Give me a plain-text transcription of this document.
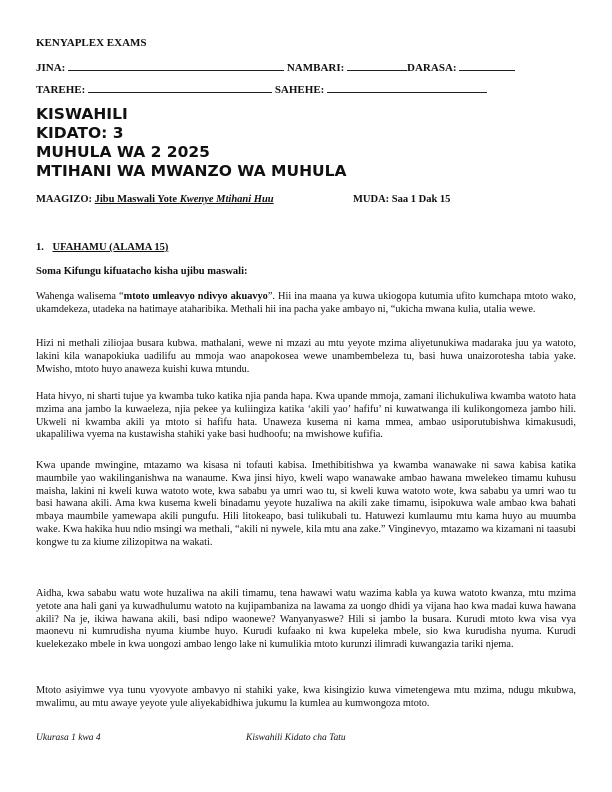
KENYAPLEX EXAMS
JINA:	NAMBARI:	DARASA:
TAREHE:	SAHEHE:
KISWAHILI
KIDATO: 3
MUHULA WA 2 2025
MTIHANI WA MWANZO WA MUHULA
MAAGIZO: Jibu Maswali Yote Kwenye Mtihani Huu	MUDA: Saa 1 Dak 15
1. UFAHAMU (ALAMA 15)
Soma Kifungu kifuatacho kisha ujibu maswali:
Wahenga walisema “mtoto umleavyo ndivyo akuavyo”. Hii ina maana ya kuwa ukiogopa kutumia ufito kumchapa mtoto wako, ukamdekeza, utadeka na hatimaye ataharibika. Methali hii ina pacha yake ambayo ni, “ukicha mwana kulia, utalia wewe.
Hizi ni methali ziliojaa busara kubwa. mathalani, wewe ni mzazi au mtu yeyote mzima aliyetunukiwa madaraka juu ya watoto, lakini kila wanapokiuka uadilifu au mmoja wao anapokosea wewe unambembeleza tu, basi huwa unaizorotesha tabia yake. Mwisho, mtoto huyo anaweza kuishi kuwa mtundu.
Hata hivyo, ni sharti tujue ya kwamba tuko katika njia panda hapa. Kwa upande mmoja, zamani ilichukuliwa kwamba watoto hata mzima ana jambo la kuwaeleza, njia pekee ya kuliingiza katika ‘akili yao’ hafifu’ ni kuwatwanga ili kulikongomeza jambo hili. Ukweli ni kwamba akili ya mtoto si hafifu hata. Unaweza kusema ni kama mmea, ambao usiporutubishwa kimakusudi, ukapaliliwa vyema na kustawisha stahiki yake basi hudhoofu; na mwishowe kufifia.
Kwa upande mwingine, mtazamo wa kisasa ni tofauti kabisa. Imethibitishwa ya kwamba wanawake ni sawa kabisa katika maumbile yao wakilinganishwa na wanaume. Kwa jinsi hiyo, kweli wapo wanawake ambao hawana mwelekeo timamu kuhusu maisha, lakini ni kweli kuwa watoto wote, kwa sababu ya umri wao tu, si kweli kuwa watoto wote, kwa sababu ya umri wao tu basi hawana akili. Ama kwa kusema kweli binadamu yeyote huzaliwa na akili zake timamu, isipokuwa wale ambao kwa bahati mbaya maumbile yamewapa akili pungufu. Hili litokeapo, basi tulikubali tu. Hatuwezi kumlaumu mtu kama huyo au muumba wake. Kwa hakika huu ndio msingi wa methali, “akili ni nywele, kila mtu ana zake.” Vinginevyo, mtazamo wa kizamani ni taasubi kongwe tu za kiume zilizopitwa na wakati.
Aidha, kwa sababu watu wote huzaliwa na akili timamu, tena hawawi watu wazima kabla ya kuwa watoto kwanza, mtu mzima yetote ana hali gani ya kuwadhulumu watoto na kujipambaniza na lawama za uongo dhidi ya vijana hao kwa madai kuwa hawana akili? Na je, ikiwa hawana akili, basi ndipo waonewe? Wanyanyaswe? Hili si jambo la busara. Kurudi mtoto kwa visa vya maonevu ni kumrudisha nyuma kiumbe huyo. Kurudi kufaako ni kwa kupeleka mbele, sio kwa kurudisha nyuma. Kurudi kuelekezako mbele in kwa uongozi ambao lengo lake ni kumulikia mtoto kurunzi ilimradi kuwangazia tariki njema.
Mtoto asiyimwe vya tunu vyovyote ambavyo ni stahiki yake, kwa kisingizio kuwa vimetengewa mtu mzima, ndugu mkubwa, mwalimu, au mtu awaye yeyote yule aliyekabidhiwa jukumu la kumlea au kumwongoza mtoto.
Ukurasa 1 kwa 4	Kiswahili Kidato cha Tatu
